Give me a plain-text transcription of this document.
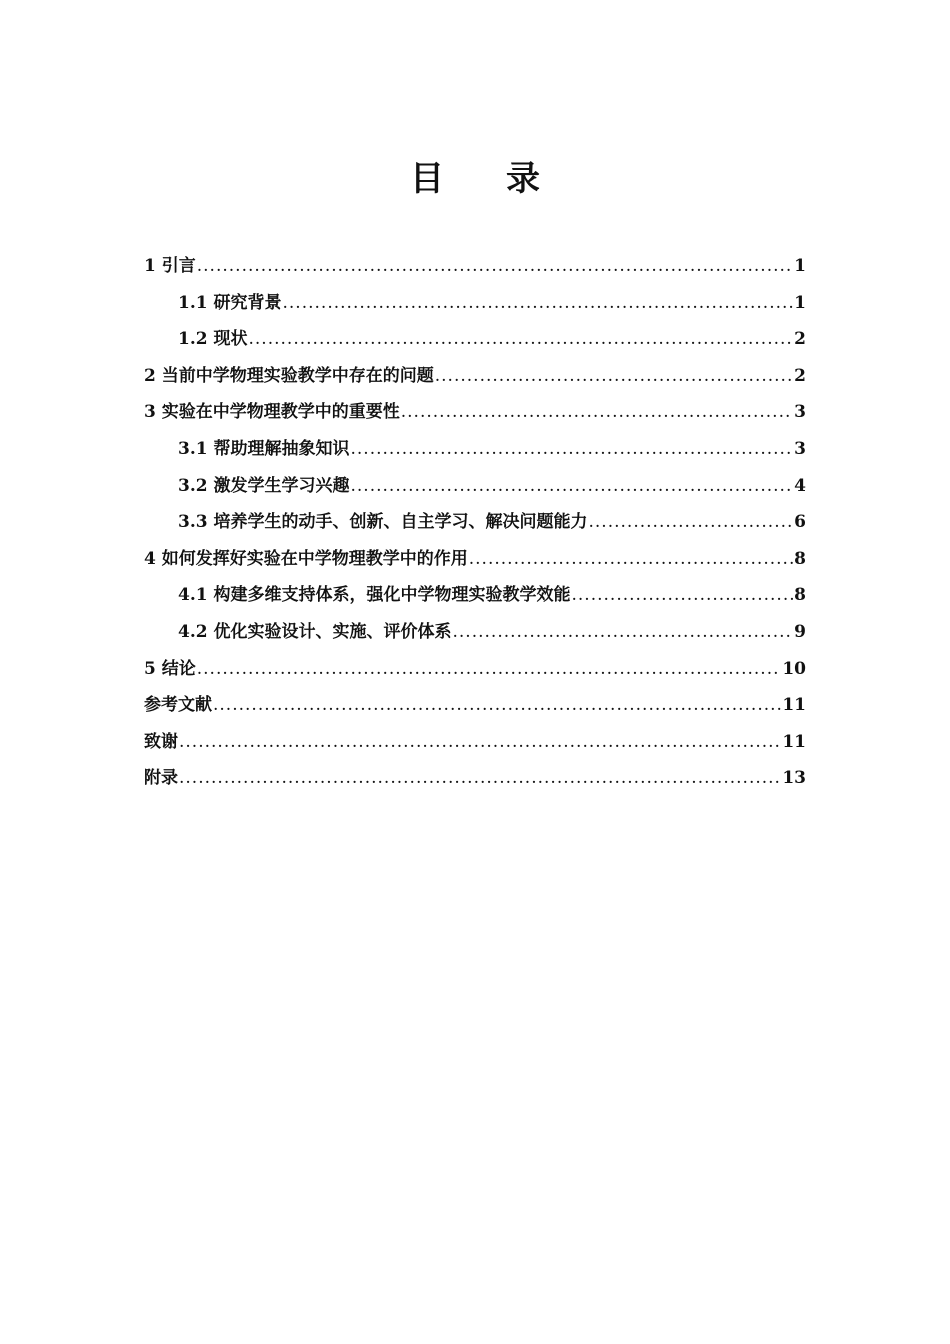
目录
1 引言 .....	1
1.1 研究背景 .....	1
1.2 现状 .....	2
2 当前中学物理实验教学中存在的问题 .....	2
3 实验在中学物理教学中的重要性 .....	3
3.1 帮助理解抽象知识 .....	3
3.2 激发学生学习兴趣 .....	4
3.3 培养学生的动手、创新、自主学习、解决问题能力 .....	6
4 如何发挥好实验在中学物理教学中的作用 .....	8
4.1 构建多维支持体系，强化中学物理实验教学效能 .....	8
4.2 优化实验设计、实施、评价体系 .....	9
5 结论 .....	10
参考文献 .....	11
致谢 .....	11
附录 .....	13
